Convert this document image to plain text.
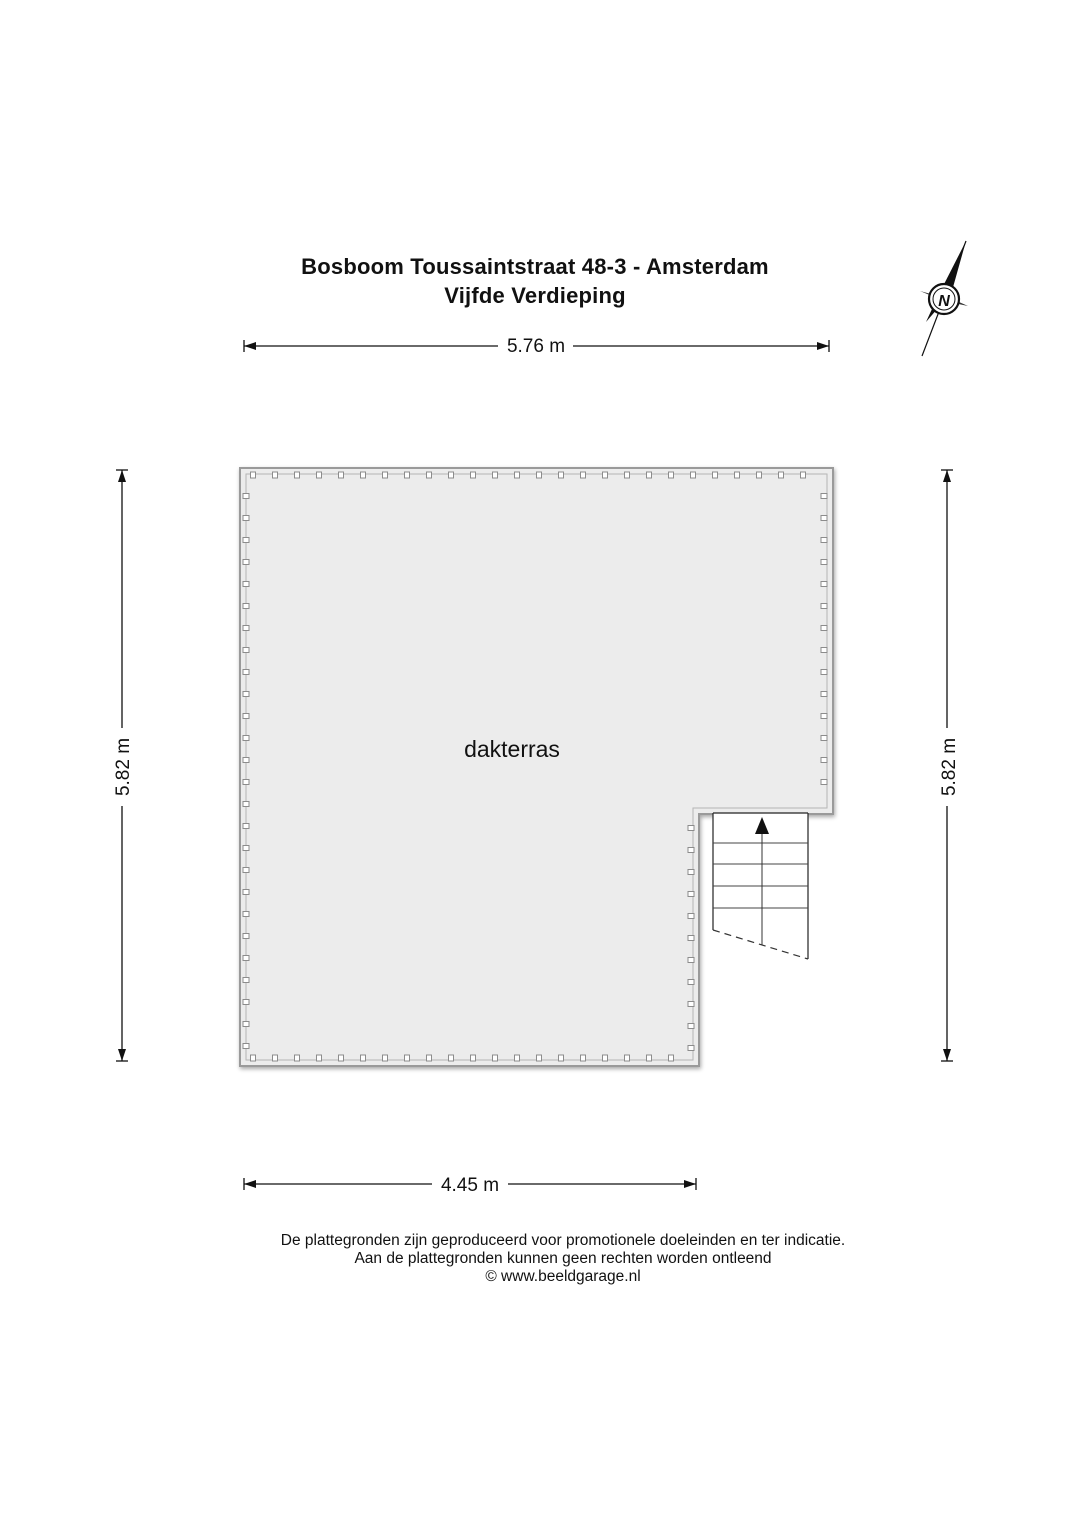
Bosboom Toussaintstraat 48-3 - Amsterdam
Vijfde Verdieping
5.76 m
4.45 m
5.82 m	5.82 m
dakterras
N
De plattegronden zijn geproduceerd voor promotionele doeleinden en ter indicatie.
Aan de plattegronden kunnen geen rechten worden ontleend
© www.beeldgarage.nl
